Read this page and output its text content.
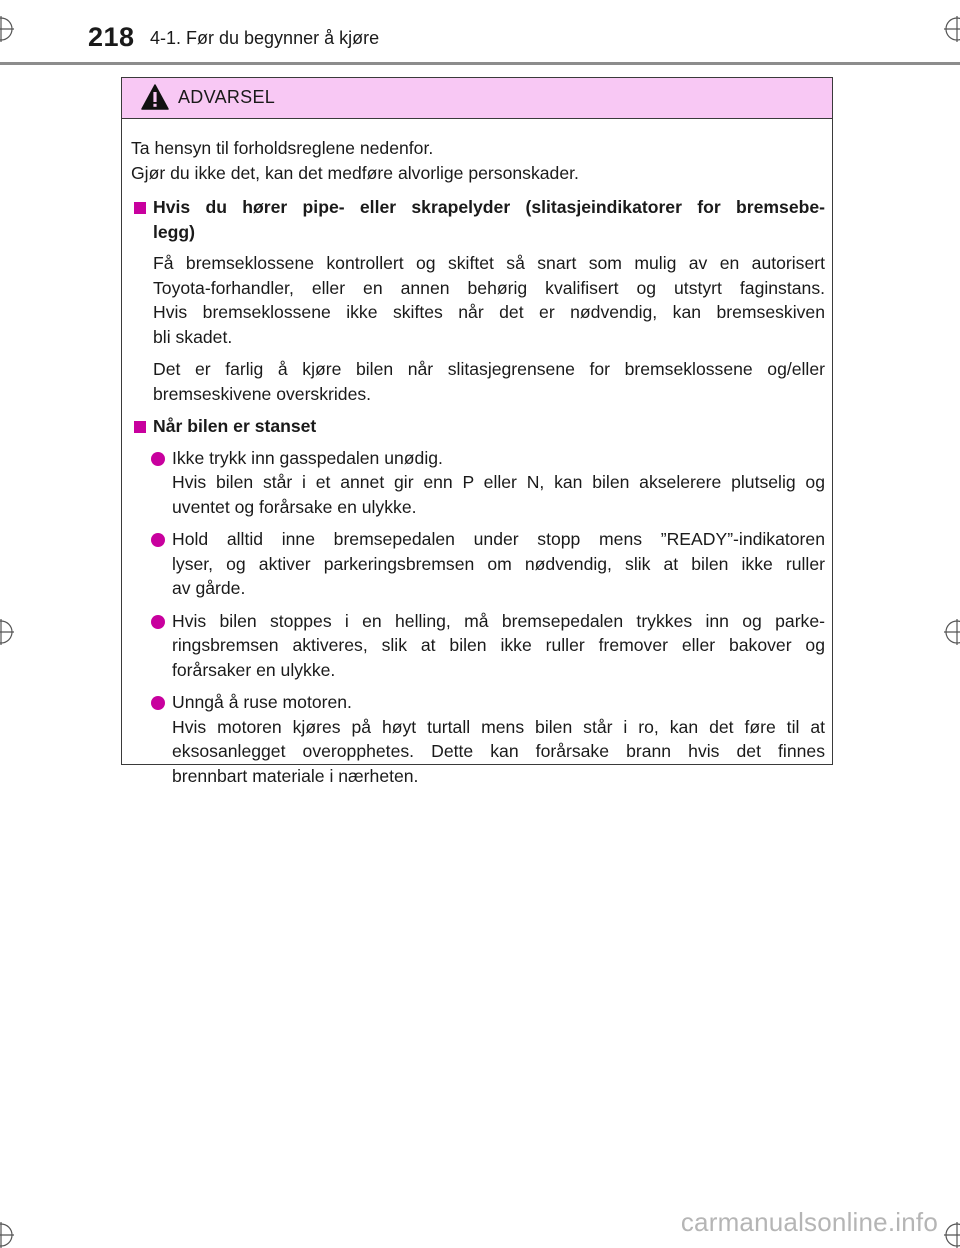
218 4-1. Før du begynner å kjøre
ADVARSEL

Ta hensyn til forholdsreglene nedenfor.
Gjør du ikke det, kan det medføre alvorlige personskader.

Hvis du hører pipe- eller skrapelyder (slitasjeindikatorer for bremsebe-
legg)

Få bremseklossene kontrollert og skiftet så snart som mulig av en autorisert
Toyota-forhandler, eller en annen behørig kvalifisert og utstyrt faginstans.
Hvis bremseklossene ikke skiftes når det er nødvendig, kan bremseskiven
bli skadet.

Det er farlig å kjøre bilen når slitasjegrensene for bremseklossene og/eller
bremseskivene overskrides.

Når bilen er stanset

Ikke trykk inn gasspedalen unødig.
Hvis bilen står i et annet gir enn P eller N, kan bilen akselerere plutselig og
uventet og forårsake en ulykke.
Hold alltid inne bremsepedalen under stopp mens ”READY”-indikatoren
lyser, og aktiver parkeringsbremsen om nødvendig, slik at bilen ikke ruller
av gårde.
Hvis bilen stoppes i en helling, må bremsepedalen trykkes inn og parke-
ringsbremsen aktiveres, slik at bilen ikke ruller fremover eller bakover og
forårsaker en ulykke.
Unngå å ruse motoren.
Hvis motoren kjøres på høyt turtall mens bilen står i ro, kan det føre til at
eksosanlegget overopphetes. Dette kan forårsake brann hvis det finnes
brennbart materiale i nærheten.
carmanualsonline.info
